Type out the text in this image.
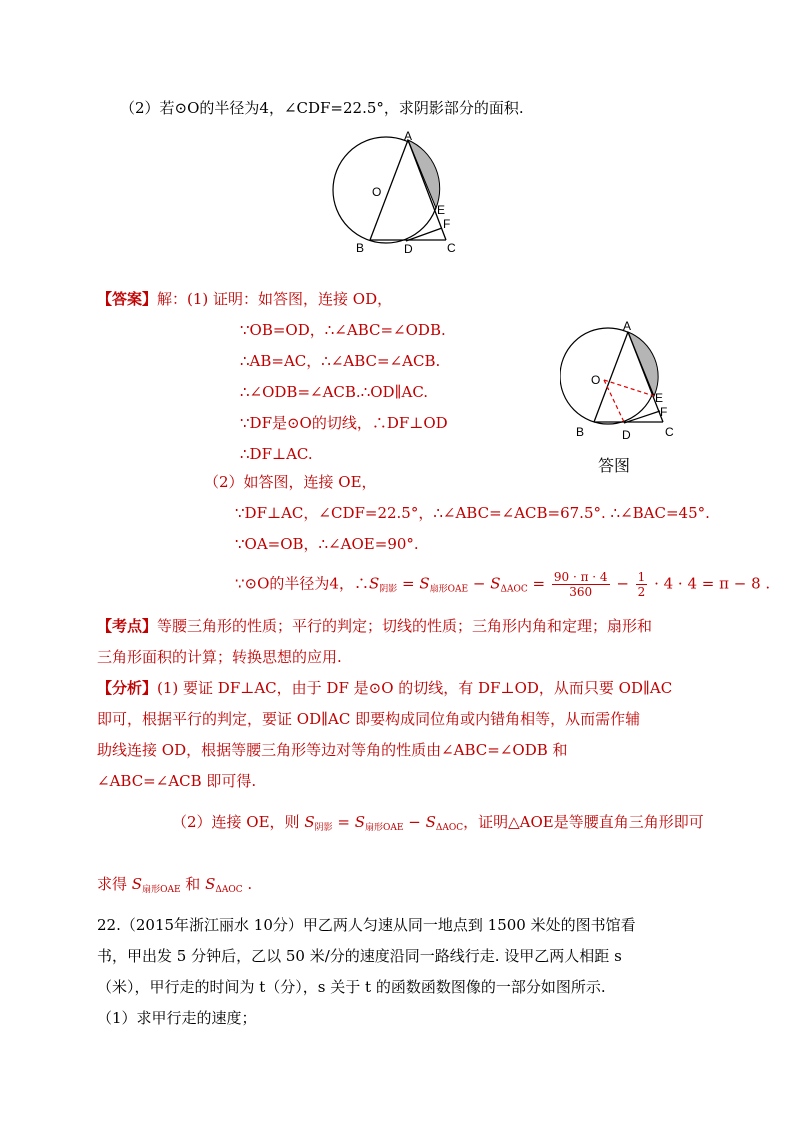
（2）若⊙O的半径为4，∠CDF=22.5°，求阴影部分的面积.
A
O
E
F
B	D	C
【答案】解：(1) 证明：如答图，连接 OD，
∵OB=OD，∴∠ABC=∠ODB.
∴AB=AC，∴∠ABC=∠ACB.
∴∠ODB=∠ACB.∴OD∥AC.
∵DF是⊙O的切线，∴DF⊥OD
∴DF⊥AC.
A
O
E
F
B	D	C
答图
（2）如答图，连接 OE，
∵DF⊥AC，∠CDF=22.5°，∴∠ABC=∠ACB=67.5°. ∴∠BAC=45°.
∵OA=OB，∴∠AOE=90°.
∵⊙O的半径为4，$\therefore S_{阴影} = S_{扇形OAE} - S_{\Delta AOC} = \frac{90 \cdot \pi \cdot 4}{360} - \frac{1}{2} \cdot 4 \cdot 4 = \pi - 8$ .
【考点】等腰三角形的性质；平行的判定；切线的性质；三角形内角和定理；扇形和
三角形面积的计算；转换思想的应用.
【分析】(1) 要证 DF⊥AC，由于 DF 是⊙O 的切线，有 DF⊥OD，从而只要 OD∥AC
即可，根据平行的判定，要证 OD∥AC 即要构成同位角或内错角相等，从而需作辅
助线连接 OD，根据等腰三角形等边对等角的性质由∠ABC=∠ODB 和
∠ABC=∠ACB 即可得.
（2）连接 OE，则 $S_{阴影} = S_{扇形OAE} - S_{\Delta AOC}$，证明△AOE是等腰直角三角形即可
求得 $S_{扇形OAE}$ 和 $S_{\Delta AOC}$ .
22.（2015年浙江丽水 10分）甲乙两人匀速从同一地点到 1500 米处的图书馆看
书，甲出发 5 分钟后，乙以 50 米/分的速度沿同一路线行走. 设甲乙两人相距 s
（米），甲行走的时间为 t（分），s 关于 t 的函数函数图像的一部分如图所示.
（1）求甲行走的速度；
